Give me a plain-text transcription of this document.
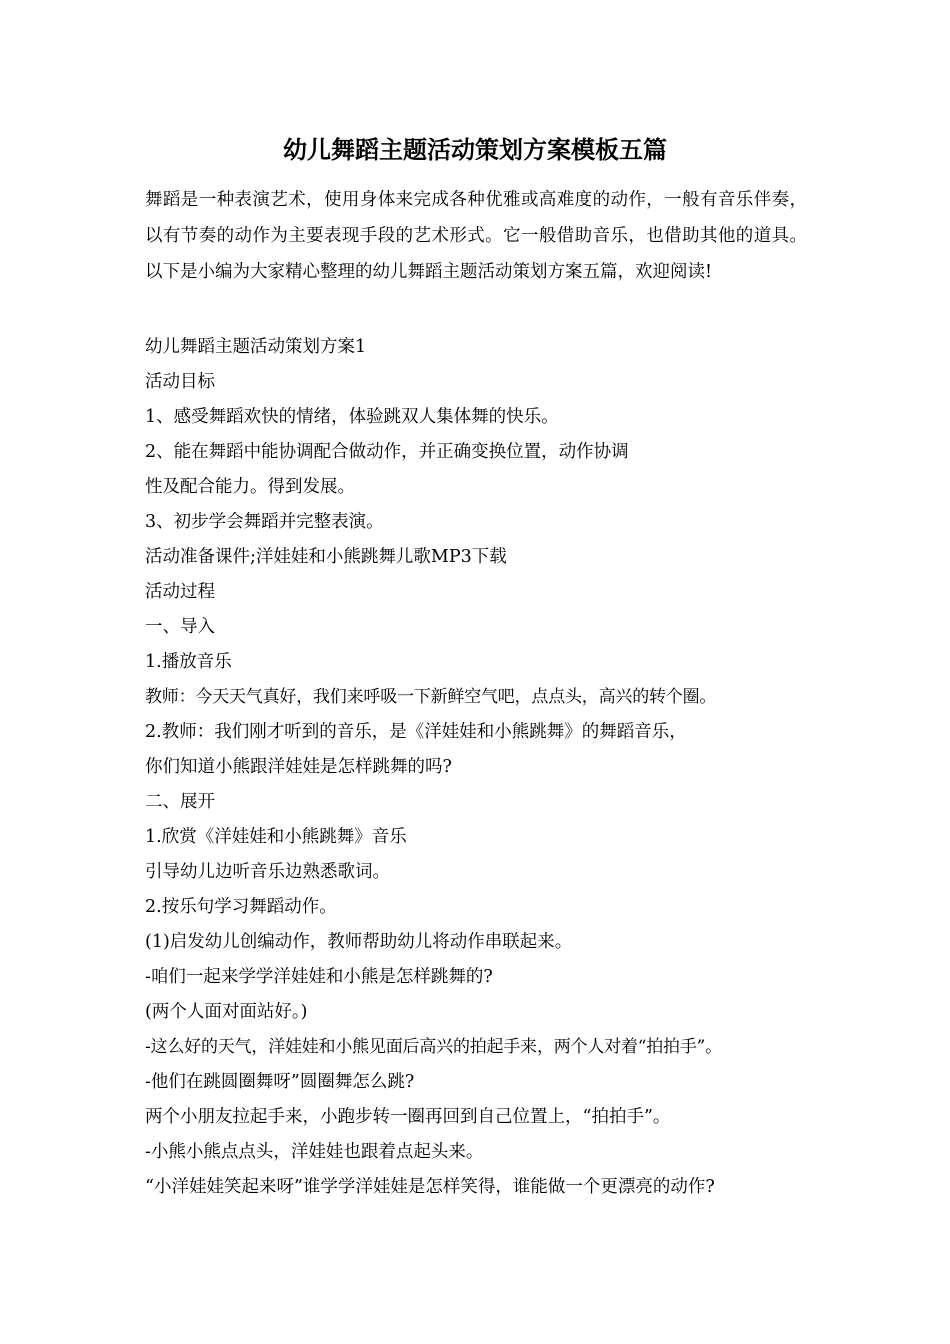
幼儿舞蹈主题活动策划方案模板五篇

舞蹈是一种表演艺术，使用身体来完成各种优雅或高难度的动作，一般有音乐伴奏，以有节奏的动作为主要表现手段的艺术形式。它一般借助音乐，也借助其他的道具。以下是小编为大家精心整理的幼儿舞蹈主题活动策划方案五篇，欢迎阅读!

幼儿舞蹈主题活动策划方案1
活动目标
1、感受舞蹈欢快的情绪，体验跳双人集体舞的快乐。
2、能在舞蹈中能协调配合做动作，并正确变换位置，动作协调
性及配合能力。得到发展。
3、初步学会舞蹈并完整表演。
活动准备课件;洋娃娃和小熊跳舞儿歌MP3下载
活动过程
一、导入
1.播放音乐
教师：今天天气真好，我们来呼吸一下新鲜空气吧，点点头，高兴的转个圈。
2.教师：我们刚才听到的音乐，是《洋娃娃和小熊跳舞》的舞蹈音乐，
你们知道小熊跟洋娃娃是怎样跳舞的吗?
二、展开
1.欣赏《洋娃娃和小熊跳舞》音乐
引导幼儿边听音乐边熟悉歌词。
2.按乐句学习舞蹈动作。
(1)启发幼儿创编动作，教师帮助幼儿将动作串联起来。
-咱们一起来学学洋娃娃和小熊是怎样跳舞的?
(两个人面对面站好。)
-这么好的天气，洋娃娃和小熊见面后高兴的拍起手来，两个人对着“拍拍手”。
-他们在跳圆圈舞呀”圆圈舞怎么跳?
两个小朋友拉起手来，小跑步转一圈再回到自己位置上，“拍拍手”。
-小熊小熊点点头，洋娃娃也跟着点起头来。
“小洋娃娃笑起来呀”谁学学洋娃娃是怎样笑得，谁能做一个更漂亮的动作?
